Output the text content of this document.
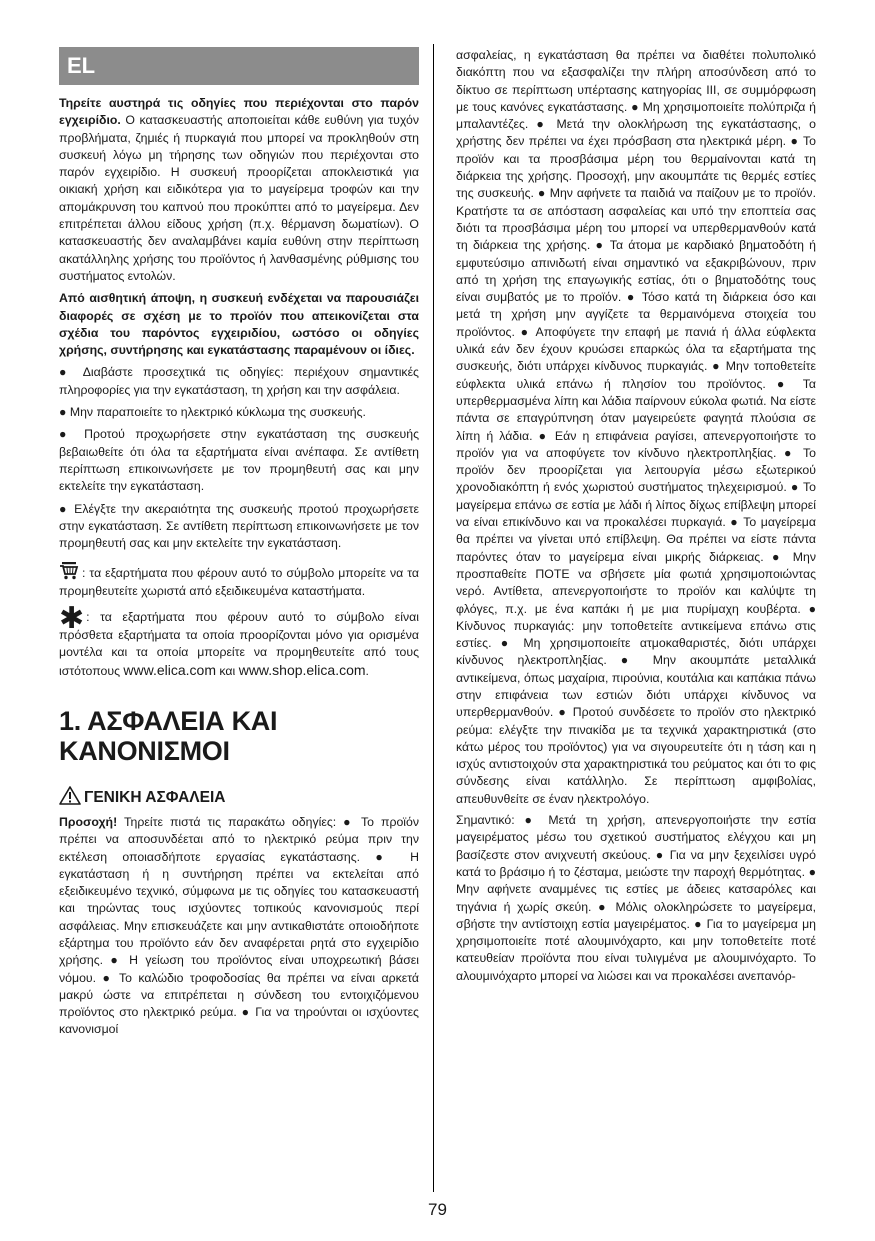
EL

Τηρείτε αυστηρά τις οδηγίες που περιέχονται στο παρόν εγχειρίδιο. Ο κατασκευαστής αποποιείται κάθε ευθύνη για τυχόν προβλήματα, ζημιές ή πυρκαγιά που μπορεί να προκληθούν στη συσκευή λόγω μη τήρησης των οδηγιών που περιέχονται στο παρόν εγχειρίδιο. Η συσκευή προορίζεται αποκλειστικά για οικιακή χρήση και ειδικότερα για το μαγείρεμα τροφών και την απομάκρυνση του καπνού που προκύπτει από το μαγείρεμα. Δεν επιτρέπεται άλλου είδους χρήση (π.χ. θέρμανση δωματίων). Ο κατασκευαστής δεν αναλαμβάνει καμία ευθύνη στην περίπτωση ακατάλληλης χρήσης του προϊόντος ή λανθασμένης ρύθμισης του συστήματος εντολών.

Από αισθητική άποψη, η συσκευή ενδέχεται να παρουσιάζει διαφορές σε σχέση με το προϊόν που απεικονίζεται στα σχέδια του παρόντος εγχειριδίου, ωστόσο οι οδηγίες χρήσης, συντήρησης και εγκατάστασης παραμένουν οι ίδιες.

● Διαβάστε προσεχτικά τις οδηγίες: περιέχουν σημαντικές πληροφορίες για την εγκατάσταση, τη χρήση και την ασφάλεια.

● Μην παραποιείτε το ηλεκτρικό κύκλωμα της συσκευής.

● Προτού προχωρήσετε στην εγκατάσταση της συσκευής βεβαιωθείτε ότι όλα τα εξαρτήματα είναι ανέπαφα. Σε αντίθετη περίπτωση επικοινωνήσετε με τον προμηθευτή σας και μην εκτελείτε την εγκατάσταση.

● Ελέγξτε την ακεραιότητα της συσκευής προτού προχωρήσετε στην εγκατάσταση. Σε αντίθετη περίπτωση επικοινωνήσετε με τον προμηθευτή σας και μην εκτελείτε την εγκατάσταση.

: τα εξαρτήματα που φέρουν αυτό το σύμβολο μπορείτε να τα προμηθευτείτε χωριστά από εξειδικευμένα καταστήματα.

✱ : τα εξαρτήματα που φέρουν αυτό το σύμβολο είναι πρόσθετα εξαρτήματα τα οποία προορίζονται μόνο για ορισμένα μοντέλα και τα οποία μπορείτε να προμηθευτείτε από τους ιστότοπους www.elica.com και www.shop.elica.com.

1. ΑΣΦΑΛΕΙΑ ΚΑΙ ΚΑΝΟΝΙΣΜΟΙ
ΓΕΝΙΚΗ ΑΣΦΑΛΕΙΑ

Προσοχή! Τηρείτε πιστά τις παρακάτω οδηγίες: ● Το προϊόν πρέπει να αποσυνδέεται από το ηλεκτρικό ρεύμα πριν την εκτέλεση οποιασδήποτε εργασίας εγκατάστασης. ● Η εγκατάσταση ή η συντήρηση πρέπει να εκτελείται από εξειδικευμένο τεχνικό, σύμφωνα με τις οδηγίες του κατασκευαστή και τηρώντας τους ισχύοντες τοπικούς κανονισμούς περί ασφάλειας. Μην επισκευάζετε και μην αντικαθιστάτε οποιοδήποτε εξάρτημα του προϊόντο εάν δεν αναφέρεται ρητά στο εγχειρίδιο χρήσης. ● Η γείωση του προϊόντος είναι υποχρεωτική βάσει νόμου. ● Το καλώδιο τροφοδοσίας θα πρέπει να είναι αρκετά μακρύ ώστε να επιτρέπεται η σύνδεση του εντοιχιζόμενου προϊόντος στο ηλεκτρικό ρεύμα. ● Για να τηρούνται οι ισχύοντες κανονισμοί

ασφαλείας, η εγκατάσταση θα πρέπει να διαθέτει πολυπολικό διακόπτη που να εξασφαλίζει την πλήρη αποσύνδεση από το δίκτυο σε περίπτωση υπέρτασης κατηγορίας III, σε συμμόρφωση με τους κανόνες εγκατάστασης. ● Μη χρησιμοποιείτε πολύπριζα ή μπαλαντέζες. ● Μετά την ολοκλήρωση της εγκατάστασης, ο χρήστης δεν πρέπει να έχει πρόσβαση στα ηλεκτρικά μέρη. ● Το προϊόν και τα προσβάσιμα μέρη του θερμαίνονται κατά τη διάρκεια της χρήσης. Προσοχή, μην ακουμπάτε τις θερμές εστίες της συσκευής. ● Μην αφήνετε τα παιδιά να παίζουν με το προϊόν. Κρατήστε τα σε απόσταση ασφαλείας και υπό την εποπτεία σας διότι τα προσβάσιμα μέρη του μπορεί να υπερθερμανθούν κατά τη διάρκεια της χρήσης. ● Τα άτομα με καρδιακό βηματοδότη ή εμφυτεύσιμο απινιδωτή είναι σημαντικό να εξακριβώνουν, πριν από τη χρήση της επαγωγικής εστίας, ότι ο βηματοδότης τους είναι συμβατός με το προϊόν. ● Τόσο κατά τη διάρκεια όσο και μετά τη χρήση μην αγγίζετε τα θερμαινόμενα στοιχεία του προϊόντος. ● Αποφύγετε την επαφή με πανιά ή άλλα εύφλεκτα υλικά εάν δεν έχουν κρυώσει επαρκώς όλα τα εξαρτήματα της συσκευής, διότι υπάρχει κίνδυνος πυρκαγιάς. ● Μην τοποθετείτε εύφλεκτα υλικά επάνω ή πλησίον του προϊόντος. ● Τα υπερθερμασμένα λίπη και λάδια παίρνουν εύκολα φωτιά. Να είστε πάντα σε επαγρύπνηση όταν μαγειρεύετε φαγητά πλούσια σε λίπη ή λάδια. ● Εάν η επιφάνεια ραγίσει, απενεργοποιήστε το προϊόν για να αποφύγετε τον κίνδυνο ηλεκτροπληξίας. ● Το προϊόν δεν προορίζεται για λειτουργία μέσω εξωτερικού χρονοδιακόπτη ή ενός χωριστού συστήματος τηλεχειρισμού. ● Το μαγείρεμα επάνω σε εστία με λάδι ή λίπος δίχως επίβλεψη μπορεί να είναι επικίνδυνο και να προκαλέσει πυρκαγιά. ● Το μαγείρεμα θα πρέπει να γίνεται υπό επίβλεψη. Θα πρέπει να είστε πάντα παρόντες όταν το μαγείρεμα είναι μικρής διάρκειας. ● Μην προσπαθείτε ΠΟΤΕ να σβήσετε μία φωτιά χρησιμοποιώντας νερό. Αντίθετα, απενεργοποιήστε το προϊόν και καλύψτε τη φλόγες, π.χ. με ένα καπάκι ή με μια πυρίμαχη κουβέρτα. ● Κίνδυνος πυρκαγιάς: μην τοποθετείτε αντικείμενα επάνω στις εστίες. ● Μη χρησιμοποιείτε ατμοκαθαριστές, διότι υπάρχει κίνδυνος ηλεκτροπληξίας. ● Μην ακουμπάτε μεταλλικά αντικείμενα, όπως μαχαίρια, πιρούνια, κουτάλια και καπάκια πάνω στην επιφάνεια των εστιών διότι υπάρχει κίνδυνος να υπερθερμανθούν. ● Προτού συνδέσετε το προϊόν στο ηλεκτρικό ρεύμα: ελέγξτε την πινακίδα με τα τεχνικά χαρακτηριστικά (στο κάτω μέρος του προϊόντος) για να σιγουρευτείτε ότι η τάση και η ισχύς αντιστοιχούν στα χαρακτηριστικά του ρεύματος και ότι το φις σύνδεσης είναι κατάλληλο. Σε περίπτωση αμφιβολίας, απευθυνθείτε σε έναν ηλεκτρολόγο.

Σημαντικό: ● Μετά τη χρήση, απενεργοποιήστε την εστία μαγειρέματος μέσω του σχετικού συστήματος ελέγχου και μη βασίζεστε στον ανιχνευτή σκεύους. ● Για να μην ξεχειλίσει υγρό κατά το βράσιμο ή το ζέσταμα, μειώστε την παροχή θερμότητας. ● Μην αφήνετε αναμμένες τις εστίες με άδειες κατσαρόλες και τηγάνια ή χωρίς σκεύη. ● Μόλις ολοκληρώσετε το μαγείρεμα, σβήστε την αντίστοιχη εστία μαγειρέματος. ● Για το μαγείρεμα μη χρησιμοποιείτε ποτέ αλουμινόχαρτο, και μην τοποθετείτε ποτέ κατευθείαν προϊόντα που είναι τυλιγμένα με αλουμινόχαρτο. Το αλουμινόχαρτο μπορεί να λιώσει και να προκαλέσει ανεπανόρ-

79
